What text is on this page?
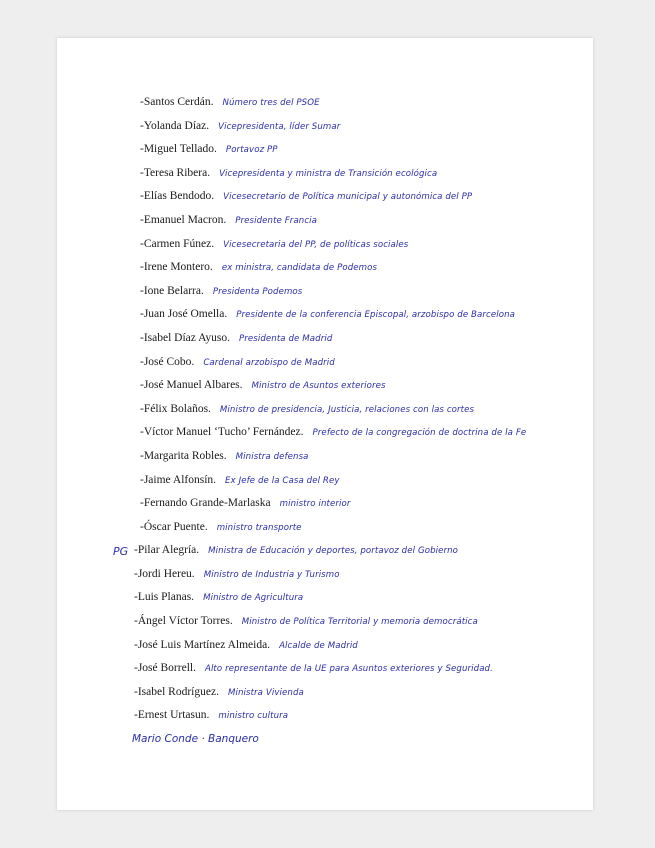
-Santos Cerdán. Número tres del PSOE
-Yolanda Díaz. Vicepresidenta, líder Sumar
-Miguel Tellado. Portavoz PP
-Teresa Ribera. Vicepresidenta y ministra de Transición ecológica
-Elías Bendodo. Vicesecretario de Política municipal y autonómica del PP
-Emanuel Macron. Presidente Francia
-Carmen Fúnez. Vicesecretaria del PP, de políticas sociales
-Irene Montero. ex ministra, candidata de Podemos
-Ione Belarra. Presidenta Podemos
-Juan José Omella. Presidente de la conferencia Episcopal, arzobispo de Barcelona
-Isabel Díaz Ayuso. Presidenta de Madrid
-José Cobo. Cardenal arzobispo de Madrid
-José Manuel Albares. Ministro de Asuntos exteriores
-Félix Bolaños. Ministro de presidencia, Justicia, relaciones con las cortes
-Víctor Manuel ‘Tucho’ Fernández. Prefecto de la congregación de doctrina de la Fe
-Margarita Robles. Ministra defensa
-Jaime Alfonsín. Ex Jefe de la Casa del Rey
-Fernando Grande-Marlaska ministro interior
-Óscar Puente. ministro transporte
PG -Pilar Alegría. Ministra de Educación y deportes, portavoz del Gobierno
-Jordi Hereu. Ministro de Industria y Turismo
-Luis Planas. Ministro de Agricultura
-Ángel Víctor Torres. Ministro de Política Territorial y memoria democrática
-José Luis Martínez Almeida. Alcalde de Madrid
-José Borrell. Alto representante de la UE para Asuntos exteriores y Seguridad.
-Isabel Rodríguez. Ministra Vivienda
-Ernest Urtasun. ministro cultura
Mario Conde · Banquero
